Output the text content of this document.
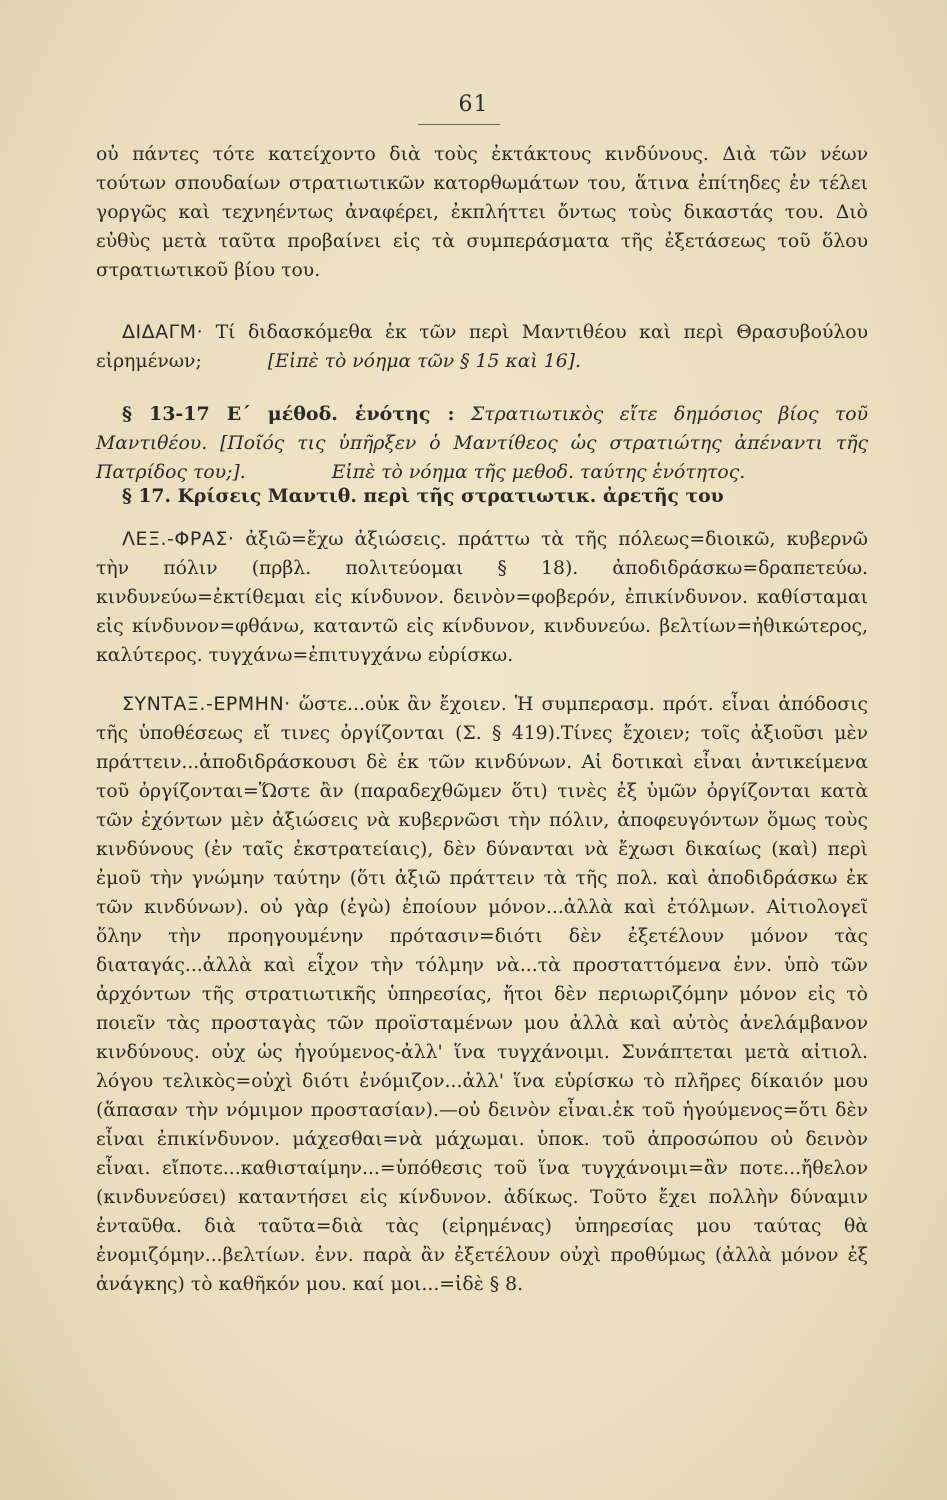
61
οὐ πάντες τότε κατείχοντο διὰ τοὺς ἐκτάκτους κινδύνους. Διὰ τῶν νέων τούτων σπουδαίων στρατιωτικῶν κατορθωμάτων του, ἅτινα ἐπίτηδες ἐν τέλει γοργῶς καὶ τεχνηέντως ἀναφέρει, ἐκπλήττει ὄντως τοὺς δικαστάς του. Διὸ εὐθὺς μετὰ ταῦτα προβαίνει εἰς τὰ συμπεράσματα τῆς ἐξετάσεως τοῦ ὅλου στρατιωτικοῦ βίου του.
ΔΙΔΑΓΜ· Τί διδασκόμεθα ἐκ τῶν περὶ Μαντιθέου καὶ περὶ Θρασυβούλου εἰρημένων;	[Εἰπὲ τὸ νόημα τῶν § 15 καὶ 16].
§ 13-17 Ε΄ μέθοδ. ἑνότης : Στρατιωτικὸς εἴτε δημόσιος βίος τοῦ Μαντιθέου. [Ποῖός τις ὑπῆρξεν ὁ Μαντίθεος ὡς στρατιώτης ἀπέναντι τῆς Πατρίδος του;].	Εἰπὲ τὸ νόημα τῆς μεθοδ. ταύτης ἑνότητος.
§ 17. Κρίσεις Μαντιθ. περὶ τῆς στρατιωτικ. ἀρετῆς του
ΛΕΞ.-ΦΡΑΣ· ἀξιῶ=ἔχω ἀξιώσεις. πράττω τὰ τῆς πόλεως=διοικῶ, κυβερνῶ τὴν πόλιν (πρβλ. πολιτεύομαι § 18). ἀποδιδράσκω=δραπετεύω. κινδυνεύω=ἐκτίθεμαι εἰς κίνδυνον. δεινὸν=φοβερόν, ἐπικίνδυνον. καθίσταμαι εἰς κίνδυνον=φθάνω, καταντῶ εἰς κίνδυνον, κινδυνεύω. βελτίων=ἠθικώτερος, καλύτερος. τυγχάνω=ἐπιτυγχάνω εὑρίσκω.
ΣΥΝΤΑΞ.-ΕΡΜΗΝ· ὥστε...οὐκ ἂν ἔχοιεν. Ἡ συμπερασμ. πρότ. εἶναι ἀπόδοσις τῆς ὑποθέσεως εἴ τινες ὀργίζονται (Σ. § 419).Τίνες ἔχοιεν; τοῖς ἀξιοῦσι μὲν πράττειν...ἀποδιδράσκουσι δὲ ἐκ τῶν κινδύνων. Αἱ δοτικαὶ εἶναι ἀντικείμενα τοῦ ὀργίζονται=Ὥστε ἂν (παραδεχθῶμεν ὅτι) τινὲς ἐξ ὑμῶν ὀργίζονται κατὰ τῶν ἐχόντων μὲν ἀξιώσεις νὰ κυβερνῶσι τὴν πόλιν, ἀποφευγόντων ὅμως τοὺς κινδύνους (ἐν ταῖς ἐκστρατείαις), δὲν δύνανται νὰ ἔχωσι δικαίως (καὶ) περὶ ἐμοῦ τὴν γνώμην ταύτην (ὅτι ἀξιῶ πράττειν τὰ τῆς πολ. καὶ ἀποδιδράσκω ἐκ τῶν κινδύνων). οὐ γὰρ (ἐγὼ) ἐποίουν μόνον...ἀλλὰ καὶ ἐτόλμων. Αἰτιολογεῖ ὅλην τὴν προηγουμένην πρότασιν=διότι δὲν ἐξετέλουν μόνον τὰς διαταγάς...ἀλλὰ καὶ εἶχον τὴν τόλμην νὰ...τὰ προσταττόμενα ἐνν. ὑπὸ τῶν ἀρχόντων τῆς στρατιωτικῆς ὑπηρεσίας, ἤτοι δὲν περιωριζόμην μόνον εἰς τὸ ποιεῖν τὰς προσταγὰς τῶν προϊσταμένων μου ἀλλὰ καὶ αὐτὸς ἀνελάμβανον κινδύνους. οὐχ ὡς ἡγούμενος-ἀλλ' ἵνα τυγχάνοιμι. Συνάπτεται μετὰ αἰτιολ. λόγου τελικὸς=οὐχὶ διότι ἐνόμιζον...ἀλλ' ἵνα εὑρίσκω τὸ πλῆρες δίκαιόν μου (ἅπασαν τὴν νόμιμον προστασίαν).—οὐ δεινὸν εἶναι.ἐκ τοῦ ἡγούμενος=ὅτι δὲν εἶναι ἐπικίνδυνον. μάχεσθαι=νὰ μάχωμαι. ὑποκ. τοῦ ἀπροσώπου οὐ δεινὸν εἶναι. εἴποτε...καθισταίμην...=ὑπόθεσις τοῦ ἵνα τυγχάνοιμι=ἂν ποτε...ἤθελον (κινδυνεύσει) καταντήσει εἰς κίνδυνον. ἀδίκως. Τοῦτο ἔχει πολλὴν δύναμιν ἐνταῦθα. διὰ ταῦτα=διὰ τὰς (εἰρημένας) ὑπηρεσίας μου ταύτας θὰ ἐνομιζόμην...βελτίων. ἐνν. παρὰ ἂν ἐξετέλουν οὐχὶ προθύμως (ἀλλὰ μόνον ἐξ ἀνάγκης) τὸ καθῆκόν μου. καί μοι...=ἰδὲ § 8.
